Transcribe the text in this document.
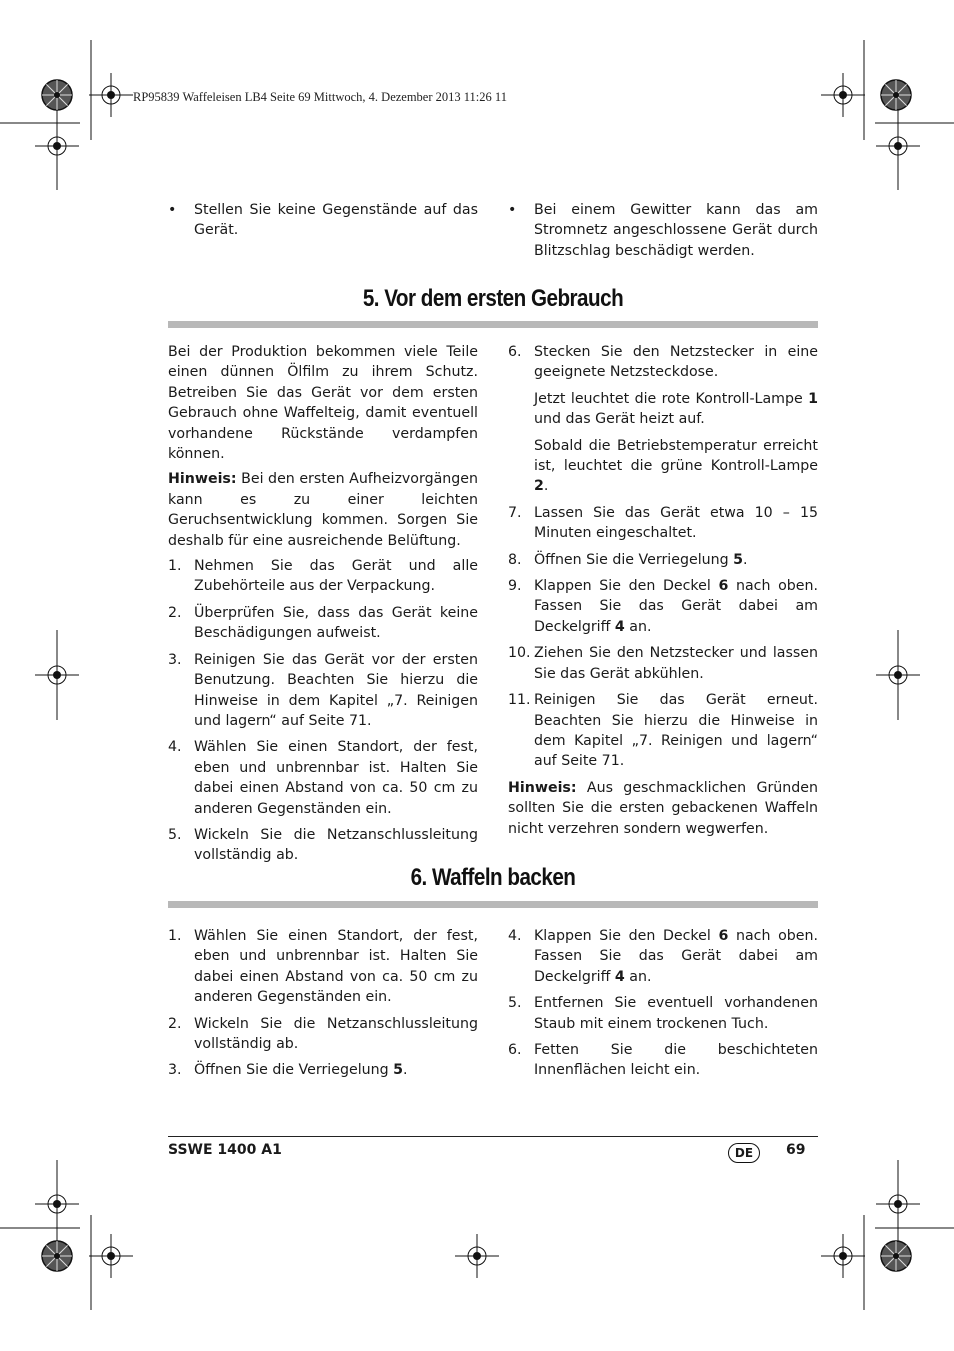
RP95839 Waffeleisen LB4 Seite 69 Mittwoch, 4. Dezember 2013 11:26 11
• Stellen Sie keine Gegenstände auf das Gerät.
• Bei einem Gewitter kann das am Stromnetz angeschlossene Gerät durch Blitzschlag beschädigt werden.
5. Vor dem ersten Gebrauch

Bei der Produktion bekommen viele Teile einen dünnen Ölfilm zu ihrem Schutz. Betreiben Sie das Gerät vor dem ersten Gebrauch ohne Waffelteig, damit eventuell vorhandene Rückstände verdampfen können.

Hinweis: Bei den ersten Aufheizvorgängen kann es zu einer leichten Geruchsentwicklung kommen. Sorgen Sie deshalb für eine ausreichende Belüftung.

1. Nehmen Sie das Gerät und alle Zubehörteile aus der Verpackung.
2. Überprüfen Sie, dass das Gerät keine Beschädigungen aufweist.
3. Reinigen Sie das Gerät vor der ersten Benutzung. Beachten Sie hierzu die Hinweise in dem Kapitel „7. Reinigen und lagern“ auf Seite 71.
4. Wählen Sie einen Standort, der fest, eben und unbrennbar ist. Halten Sie dabei einen Abstand von ca. 50 cm zu anderen Gegenständen ein.
5. Wickeln Sie die Netzanschlussleitung vollständig ab.
6. Stecken Sie den Netzstecker in eine geeignete Netzsteckdose.
Jetzt leuchtet die rote Kontroll-Lampe 1 und das Gerät heizt auf.
Sobald die Betriebstemperatur erreicht ist, leuchtet die grüne Kontroll-Lampe 2.
7. Lassen Sie das Gerät etwa 10 – 15 Minuten eingeschaltet.
8. Öffnen Sie die Verriegelung 5.
9. Klappen Sie den Deckel 6 nach oben. Fassen Sie das Gerät dabei am Deckelgriff 4 an.
10. Ziehen Sie den Netzstecker und lassen Sie das Gerät abkühlen.
11. Reinigen Sie das Gerät erneut. Beachten Sie hierzu die Hinweise in dem Kapitel „7. Reinigen und lagern“ auf Seite 71.

Hinweis: Aus geschmacklichen Gründen sollten Sie die ersten gebackenen Waffeln nicht verzehren sondern wegwerfen.

6. Waffeln backen
1. Wählen Sie einen Standort, der fest, eben und unbrennbar ist. Halten Sie dabei einen Abstand von ca. 50 cm zu anderen Gegenständen ein.
2. Wickeln Sie die Netzanschlussleitung vollständig ab.
3. Öffnen Sie die Verriegelung 5.
4. Klappen Sie den Deckel 6 nach oben. Fassen Sie das Gerät dabei am Deckelgriff 4 an.
5. Entfernen Sie eventuell vorhandenen Staub mit einem trockenen Tuch.
6. Fetten Sie die beschichteten Innenflächen leicht ein.
SSWE 1400 A1	DE	69
